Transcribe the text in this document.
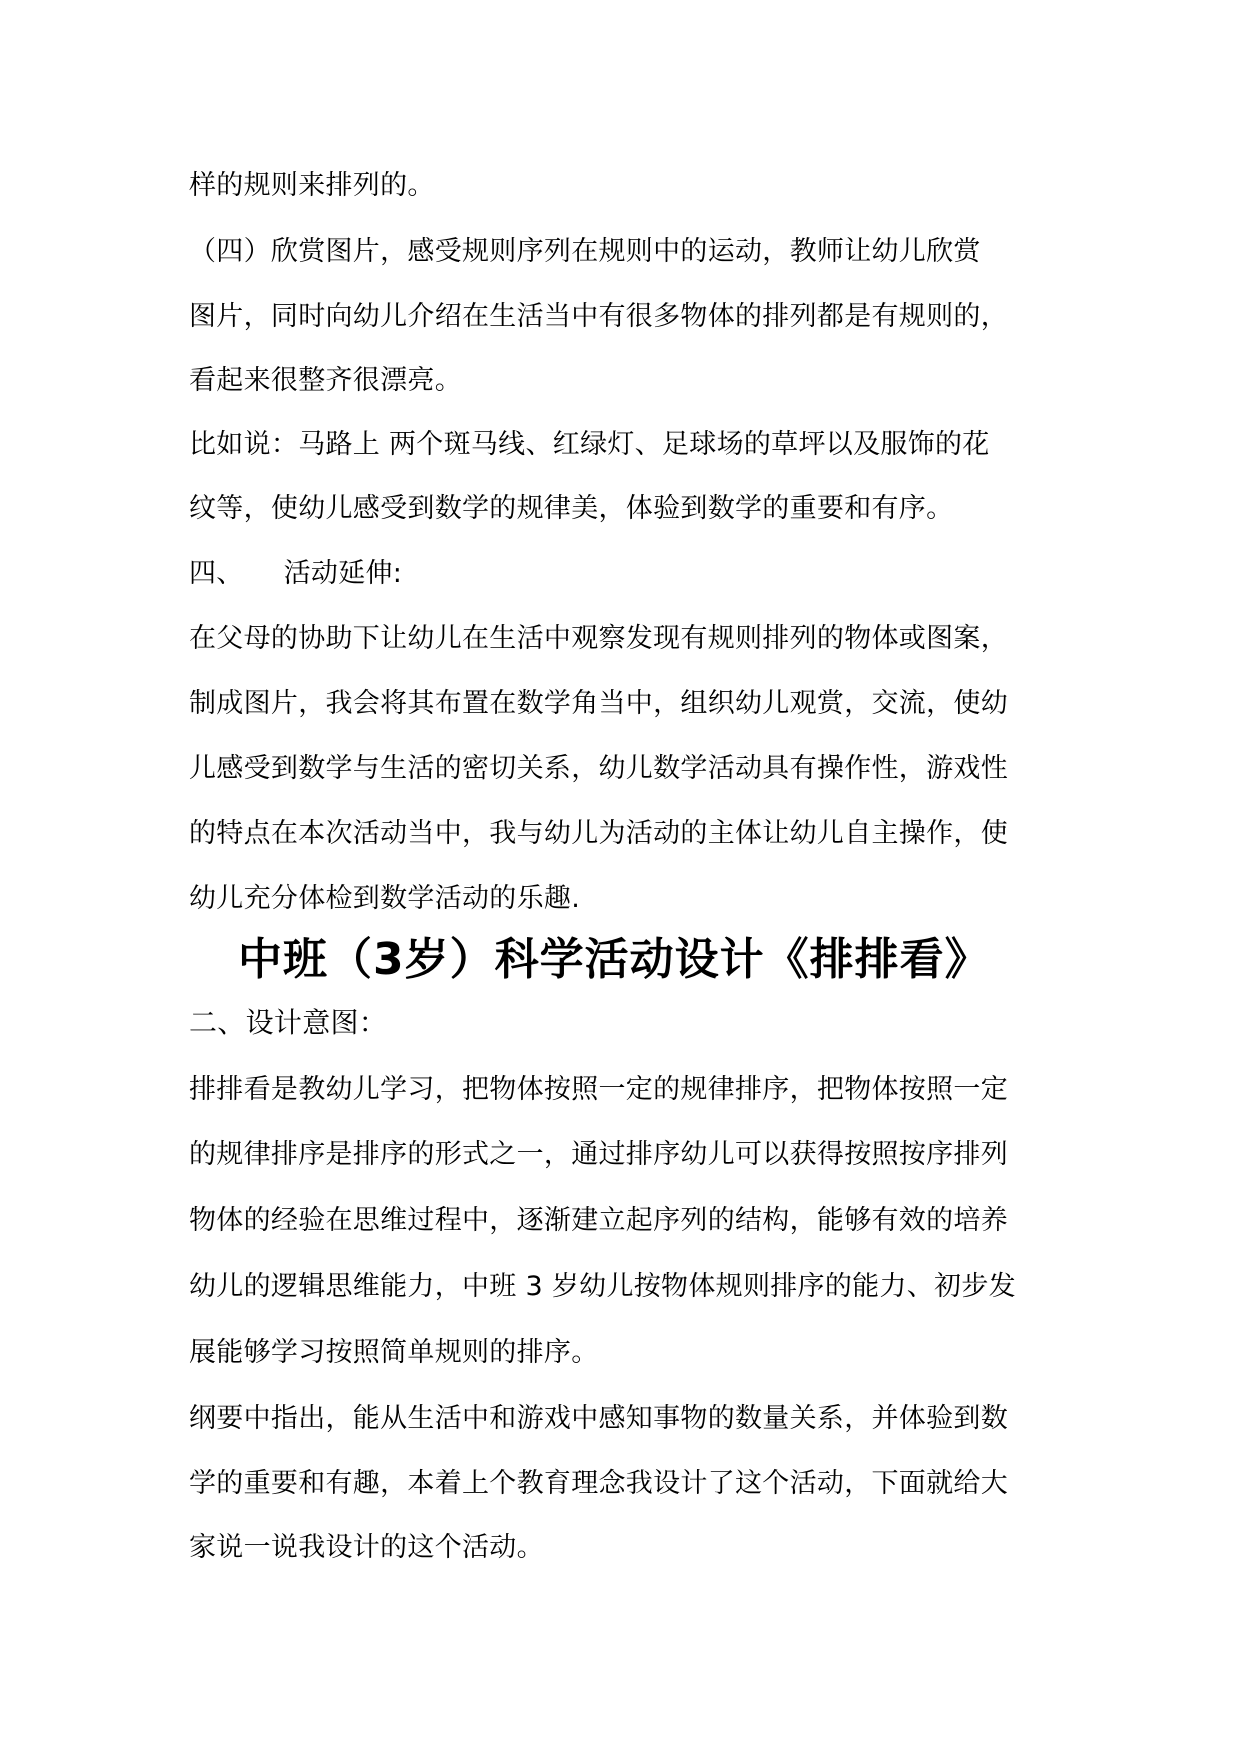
样的规则来排列的。
（四）欣赏图片，感受规则序列在规则中的运动，教师让幼儿欣赏
图片，同时向幼儿介绍在生活当中有很多物体的排列都是有规则的，
看起来很整齐很漂亮。
比如说：马路上 两个斑马线、红绿灯、足球场的草坪以及服饰的花
纹等，使幼儿感受到数学的规律美，体验到数学的重要和有序。
四、 活动延伸:
在父母的协助下让幼儿在生活中观察发现有规则排列的物体或图案，
制成图片，我会将其布置在数学角当中，组织幼儿观赏，交流，使幼
儿感受到数学与生活的密切关系，幼儿数学活动具有操作性，游戏性
的特点在本次活动当中，我与幼儿为活动的主体让幼儿自主操作，使
幼儿充分体检到数学活动的乐趣.
中班（3岁）科学活动设计《排排看》
二、设计意图：
排排看是教幼儿学习，把物体按照一定的规律排序，把物体按照一定
的规律排序是排序的形式之一，通过排序幼儿可以获得按照按序排列
物体的经验在思维过程中，逐渐建立起序列的结构，能够有效的培养
幼儿的逻辑思维能力，中班 3 岁幼儿按物体规则排序的能力、初步发
展能够学习按照简单规则的排序。
纲要中指出，能从生活中和游戏中感知事物的数量关系，并体验到数
学的重要和有趣，本着上个教育理念我设计了这个活动，下面就给大
家说一说我设计的这个活动。
